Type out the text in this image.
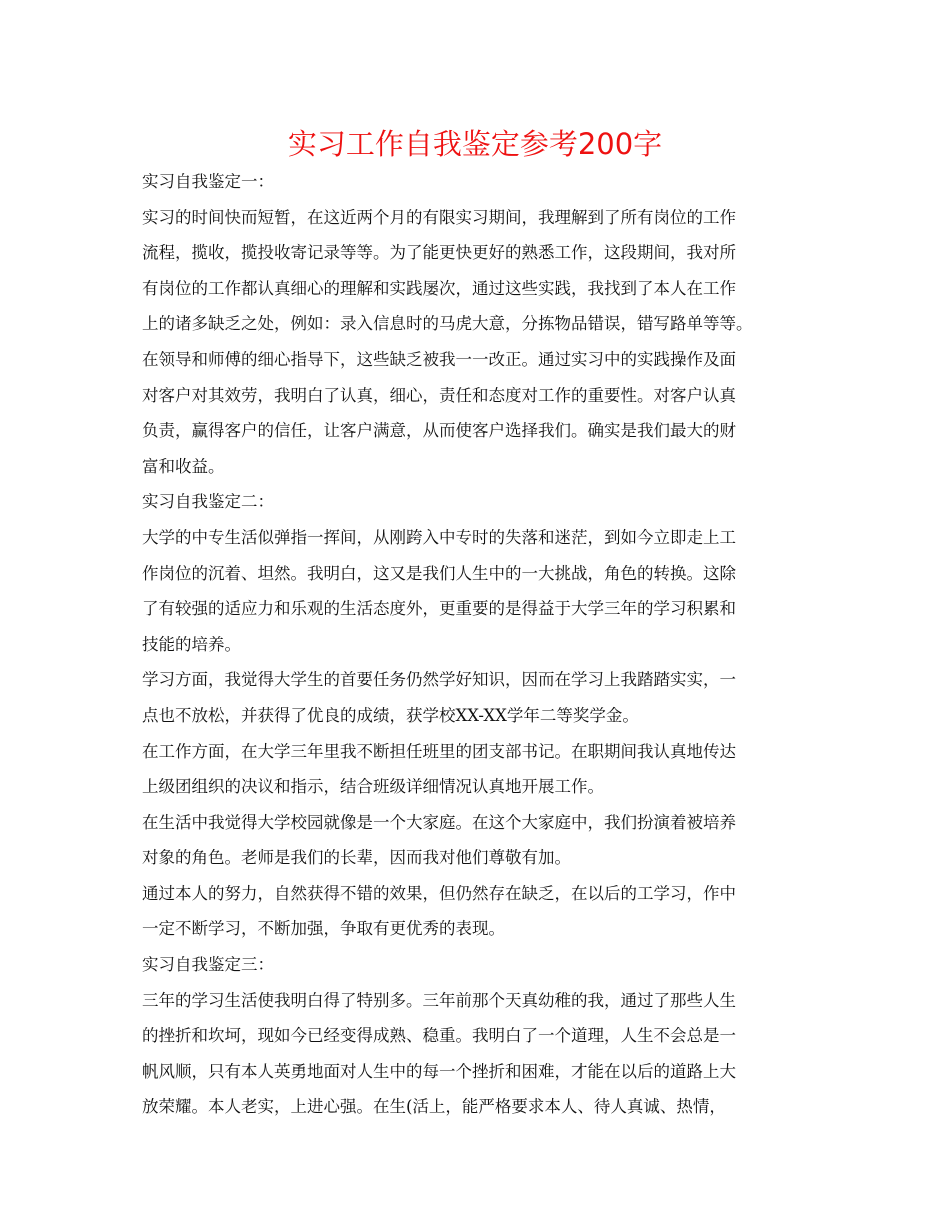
实习工作自我鉴定参考200字
实习自我鉴定一：
实习的时间快而短暂，在这近两个月的有限实习期间，我理解到了所有岗位的工作
流程，揽收，揽投收寄记录等等。为了能更快更好的熟悉工作，这段期间，我对所
有岗位的工作都认真细心的理解和实践屡次，通过这些实践，我找到了本人在工作
上的诸多缺乏之处，例如：录入信息时的马虎大意，分拣物品错误，错写路单等等。
在领导和师傅的细心指导下，这些缺乏被我一一改正。通过实习中的实践操作及面
对客户对其效劳，我明白了认真，细心，责任和态度对工作的重要性。对客户认真
负责，赢得客户的信任，让客户满意，从而使客户选择我们。确实是我们最大的财
富和收益。
实习自我鉴定二：
大学的中专生活似弹指一挥间，从刚跨入中专时的失落和迷茫，到如今立即走上工
作岗位的沉着、坦然。我明白，这又是我们人生中的一大挑战，角色的转换。这除
了有较强的适应力和乐观的生活态度外，更重要的是得益于大学三年的学习积累和
技能的培养。
学习方面，我觉得大学生的首要任务仍然学好知识，因而在学习上我踏踏实实，一
点也不放松，并获得了优良的成绩，获学校XX-XX学年二等奖学金。
在工作方面，在大学三年里我不断担任班里的团支部书记。在职期间我认真地传达
上级团组织的决议和指示，结合班级详细情况认真地开展工作。
在生活中我觉得大学校园就像是一个大家庭。在这个大家庭中，我们扮演着被培养
对象的角色。老师是我们的长辈，因而我对他们尊敬有加。
通过本人的努力，自然获得不错的效果，但仍然存在缺乏，在以后的工学习，作中
一定不断学习，不断加强，争取有更优秀的表现。
实习自我鉴定三：
三年的学习生活使我明白得了特别多。三年前那个天真幼稚的我，通过了那些人生
的挫折和坎坷，现如今已经变得成熟、稳重。我明白了一个道理，人生不会总是一
帆风顺，只有本人英勇地面对人生中的每一个挫折和困难，才能在以后的道路上大
放荣耀。本人老实，上进心强。在生(活上，能严格要求本人、待人真诚、热情，
